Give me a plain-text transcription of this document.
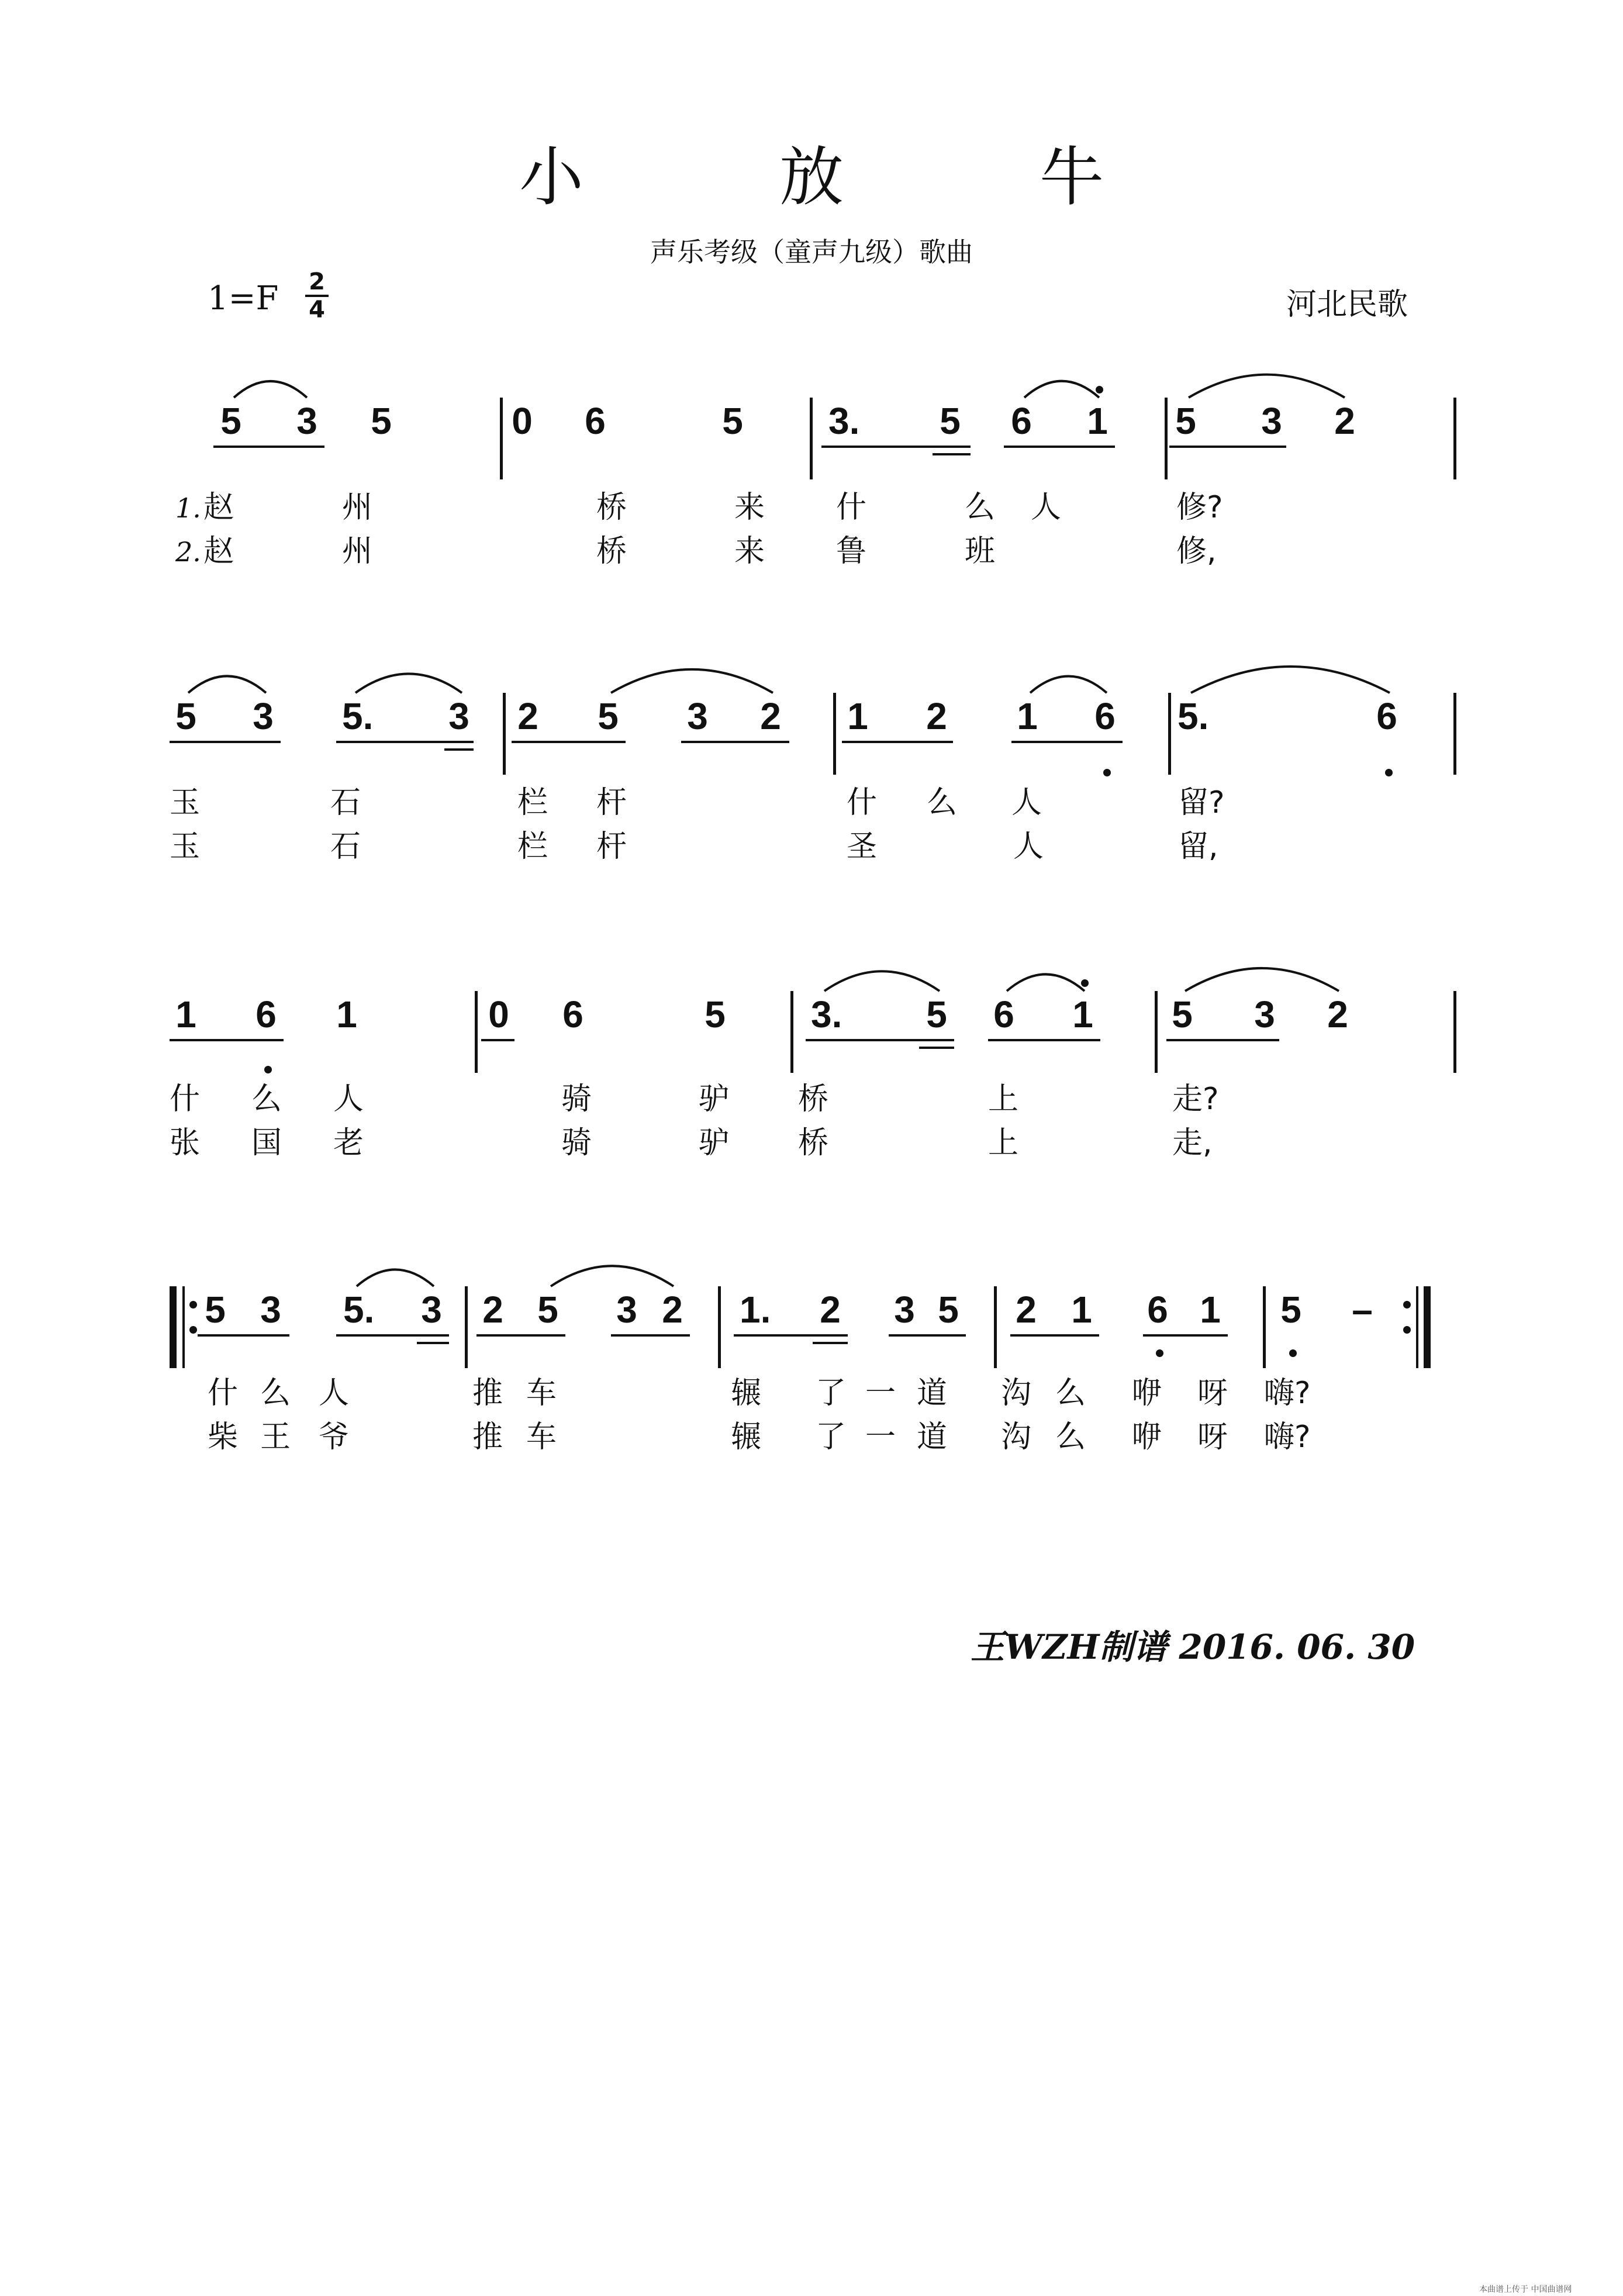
小 放 牛
声乐考级（童声九级）歌曲
1=F 2
4	河北民歌
5 3 5	0 6	5 3.	5 6 1 5 3 2
1.
2.
赵	州	桥	来 什	么 人	修?
赵	州	桥	来 鲁	班	修,
5 3 5.	3 2 5 3 2 1 2 1 6 5.	6
玉	石	栏 杆	什 么 人	留?
玉	石	栏 杆	圣	人	留,
1 6 1	0 6	5 3.	5 6 1 5 3 2
什 么 人	骑	驴 桥	上	走?
张 国 老	骑	驴 桥	上	走,
5 3 5.	3 2 5 3 2 1.	2 3 5 2 1 6 1 5 –
什 么 人	推 车	辗 了 一 道 沟 么 咿 呀 嗨?
柴 王 爷	推 车	辗 了 一 道 沟 么 咿 呀 嗨?
王WZH制谱 2016. 06. 30
本曲谱上传于 中国曲谱网
